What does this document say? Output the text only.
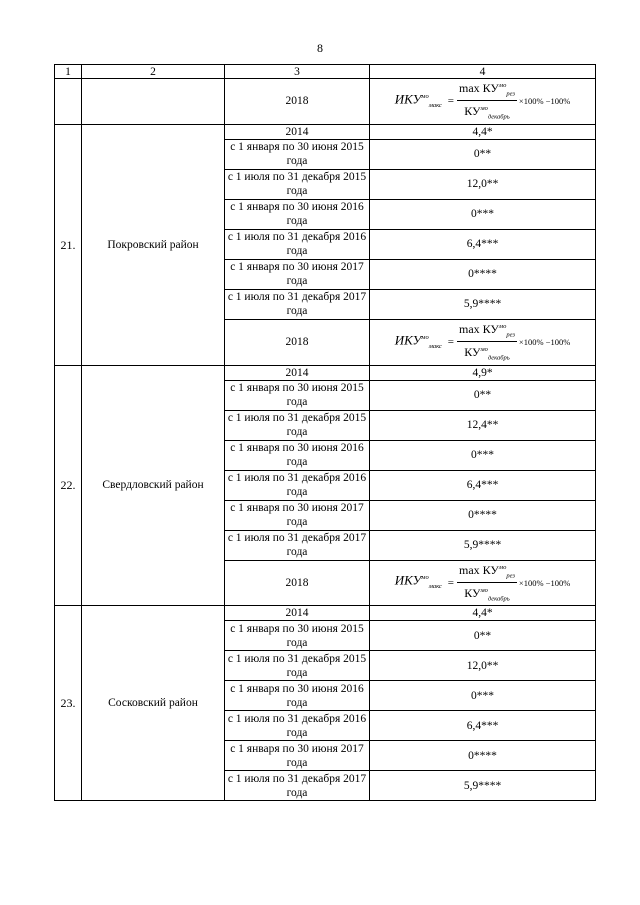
8
1	2	3	4
		2018	$ИКУ^{мо}_{макс} = \frac{\max КУ^{мо}_{рез}}{КУ^{мо}_{декабрь}} \times 100\% -100\%$

21.	Покровский район	2014	4,4*
		с 1 января по 30 июня 2015 года	0**
		с 1 июля по 31 декабря 2015 года	12,0**
		с 1 января по 30 июня 2016 года	0***
		с 1 июля по 31 декабря 2016 года	6,4***
		с 1 января по 30 июня 2017 года	0****
		с 1 июля по 31 декабря 2017 года	5,9****
		2018	$ИКУ^{мо}_{макс} = \frac{\max КУ^{мо}_{рез}}{КУ^{мо}_{декабрь}} \times 100\% -100\%$

22.	Свердловский район	2014	4,9*
		с 1 января по 30 июня 2015 года	0**
		с 1 июля по 31 декабря 2015 года	12,4**
		с 1 января по 30 июня 2016 года	0***
		с 1 июля по 31 декабря 2016 года	6,4***
		с 1 января по 30 июня 2017 года	0****
		с 1 июля по 31 декабря 2017 года	5,9****
		2018	$ИКУ^{мо}_{макс} = \frac{\max КУ^{мо}_{рез}}{КУ^{мо}_{декабрь}} \times 100\% -100\%$

23.	Сосковский район	2014	4,4*
		с 1 января по 30 июня 2015 года	0**
		с 1 июля по 31 декабря 2015 года	12,0**
		с 1 января по 30 июня 2016 года	0***
		с 1 июля по 31 декабря 2016 года	6,4***
		с 1 января по 30 июня 2017 года	0****
		с 1 июля по 31 декабря 2017 года	5,9****
